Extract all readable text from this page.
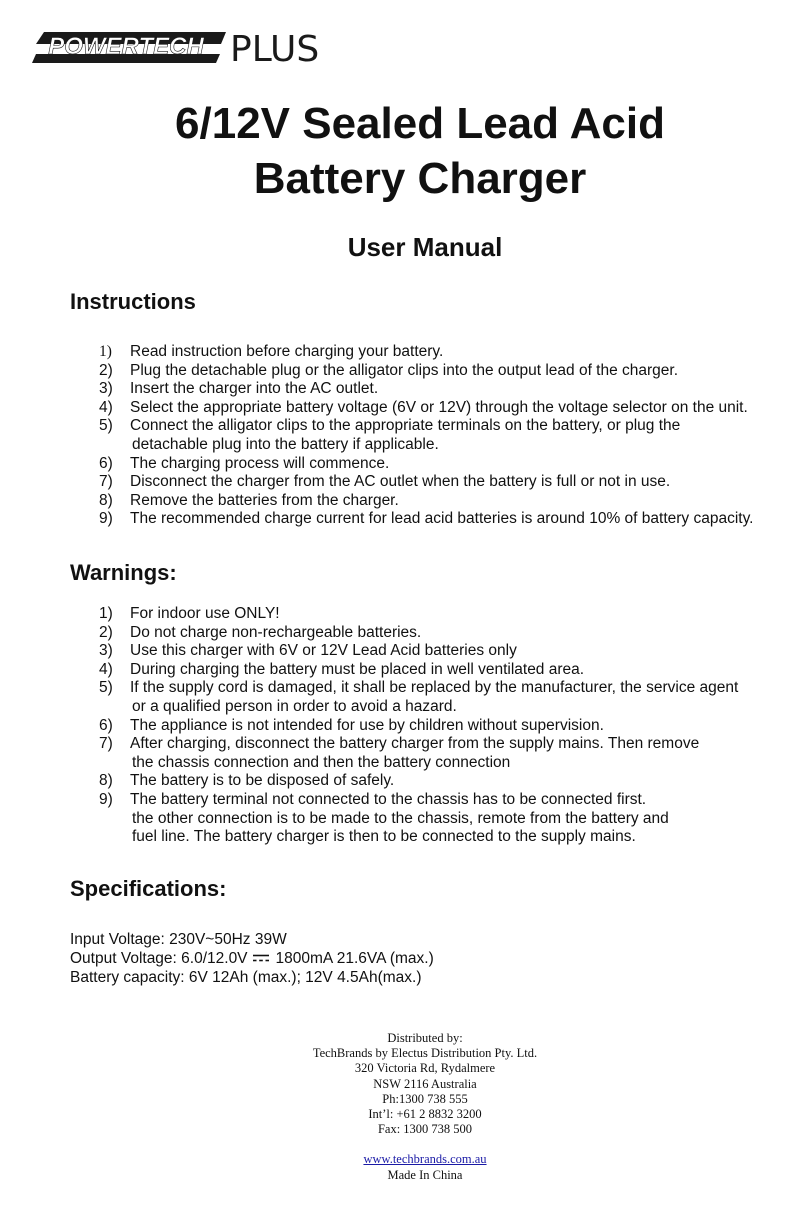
POWERTECH PLUS
6/12V Sealed Lead Acid
Battery Charger
User Manual
Instructions
1) Read instruction before charging your battery.
2) Plug the detachable plug or the alligator clips into the output lead of the charger.
3) Insert the charger into the AC outlet.
4) Select the appropriate battery voltage (6V or 12V) through the voltage selector on the unit.
5) Connect the alligator clips to the appropriate terminals on the battery, or plug the
detachable plug into the battery if applicable.
6) The charging process will commence.
7) Disconnect the charger from the AC outlet when the battery is full or not in use.
8) Remove the batteries from the charger.
9) The recommended charge current for lead acid batteries is around 10% of battery capacity.
Warnings:
1) For indoor use ONLY!
2) Do not charge non-rechargeable batteries.
3) Use this charger with 6V or 12V Lead Acid batteries only
4) During charging the battery must be placed in well ventilated area.
5) If the supply cord is damaged, it shall be replaced by the manufacturer, the service agent
or a qualified person in order to avoid a hazard.
6) The appliance is not intended for use by children without supervision.
7) After charging, disconnect the battery charger from the supply mains. Then remove
the chassis connection and then the battery connection
8) The battery is to be disposed of safely.
9) The battery terminal not connected to the chassis has to be connected first.
the other connection is to be made to the chassis, remote from the battery and
fuel line. The battery charger is then to be connected to the supply mains.
Specifications:
Input Voltage: 230V~50Hz 39W
Output Voltage: 6.0/12.0V 1800mA 21.6VA (max.)
Battery capacity: 6V 12Ah (max.); 12V 4.5Ah(max.)
Distributed by:
TechBrands by Electus Distribution Pty. Ltd.
320 Victoria Rd, Rydalmere
NSW 2116 Australia
Ph:1300 738 555
Int’l: +61 2 8832 3200
Fax: 1300 738 500
www.techbrands.com.au
Made In China
